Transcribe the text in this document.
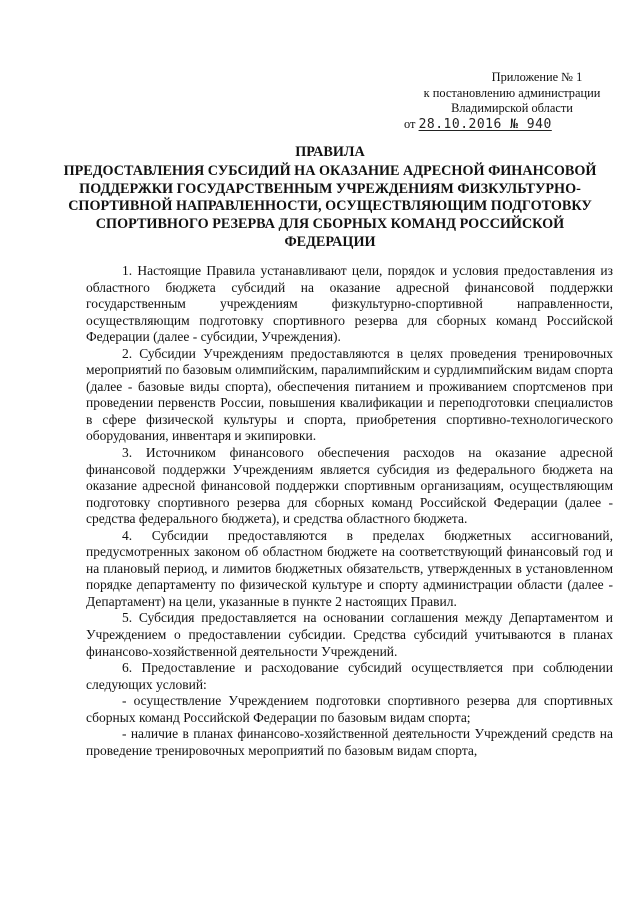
Приложение № 1
к постановлению администрации
Владимирской области
от 28.10.2016 № 940
ПРАВИЛА
ПРЕДОСТАВЛЕНИЯ СУБСИДИЙ НА ОКАЗАНИЕ АДРЕСНОЙ ФИНАНСОВОЙ ПОДДЕРЖКИ ГОСУДАРСТВЕННЫМ УЧРЕЖДЕНИЯМ ФИЗКУЛЬТУРНО-СПОРТИВНОЙ НАПРАВЛЕННОСТИ, ОСУЩЕСТВЛЯЮЩИМ ПОДГОТОВКУ СПОРТИВНОГО РЕЗЕРВА ДЛЯ СБОРНЫХ КОМАНД РОССИЙСКОЙ ФЕДЕРАЦИИ

1. Настоящие Правила устанавливают цели, порядок и условия предоставления из областного бюджета субсидий на оказание адресной финансовой поддержки государственным учреждениям физкультурно-спортивной направленности, осуществляющим подготовку спортивного резерва для сборных команд Российской Федерации (далее - субсидии, Учреждения).

2. Субсидии Учреждениям предоставляются в целях проведения тренировочных мероприятий по базовым олимпийским, паралимпийским и сурдлимпийским видам спорта (далее - базовые виды спорта), обеспечения питанием и проживанием спортсменов при проведении первенств России, повышения квалификации и переподготовки специалистов в сфере физической культуры и спорта, приобретения спортивно-технологического оборудования, инвентаря и экипировки.

3. Источником финансового обеспечения расходов на оказание адресной финансовой поддержки Учреждениям является субсидия из федерального бюджета на оказание адресной финансовой поддержки спортивным организациям, осуществляющим подготовку спортивного резерва для сборных команд Российской Федерации (далее - средства федерального бюджета), и средства областного бюджета.

4. Субсидии предоставляются в пределах бюджетных ассигнований, предусмотренных законом об областном бюджете на соответствующий финансовый год и на плановый период, и лимитов бюджетных обязательств, утвержденных в установленном порядке департаменту по физической культуре и спорту администрации области (далее - Департамент) на цели, указанные в пункте 2 настоящих Правил.

5. Субсидия предоставляется на основании соглашения между Департаментом и Учреждением о предоставлении субсидии. Средства субсидий учитываются в планах финансово-хозяйственной деятельности Учреждений.

6. Предоставление и расходование субсидий осуществляется при соблюдении следующих условий:

- осуществление Учреждением подготовки спортивного резерва для спортивных сборных команд Российской Федерации по базовым видам спорта;

- наличие в планах финансово-хозяйственной деятельности Учреждений средств на проведение тренировочных мероприятий по базовым видам спорта,
